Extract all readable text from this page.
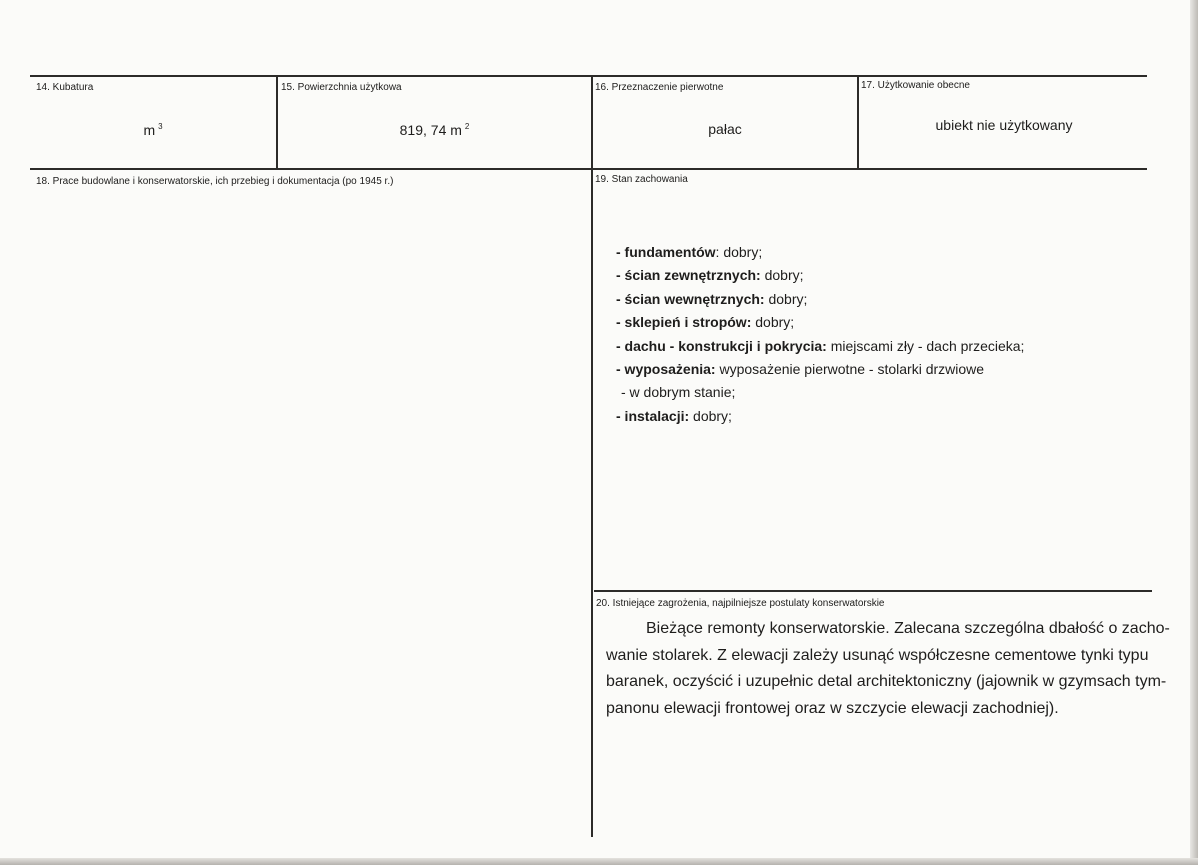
14. Kubatura
m $^3$
15. Powierzchnia użytkowa
819, 74 m $^2$
16. Przeznaczenie pierwotne
pałac
17. Użytkowanie obecne
ubiekt nie użytkowany
18. Prace budowlane i konserwatorskie, ich przebieg i dokumentacja (po 1945 r.)	19. Stan zachowania
- fundamentów: dobry;
- ścian zewnętrznych: dobry;
- ścian wewnętrznych: dobry;
- sklepień i stropów: dobry;
- dachu - konstrukcji i pokrycia: miejscami zły - dach przecieka;
- wyposażenia: wyposażenie pierwotne - stolarki drzwiowe
- w dobrym stanie;
- instalacji: dobry;
20. Istniejące zagrożenia, najpilniejsze postulaty konserwatorskie
Bieżące remonty konserwatorskie. Zalecana szczególna dbałość o zacho-
wanie stolarek. Z elewacji zależy usunąć współczesne cementowe tynki typu
baranek, oczyścić i uzupełnic detal architektoniczny (jajownik w gzymsach tym-
panonu elewacji frontowej oraz w szczycie elewacji zachodniej).
